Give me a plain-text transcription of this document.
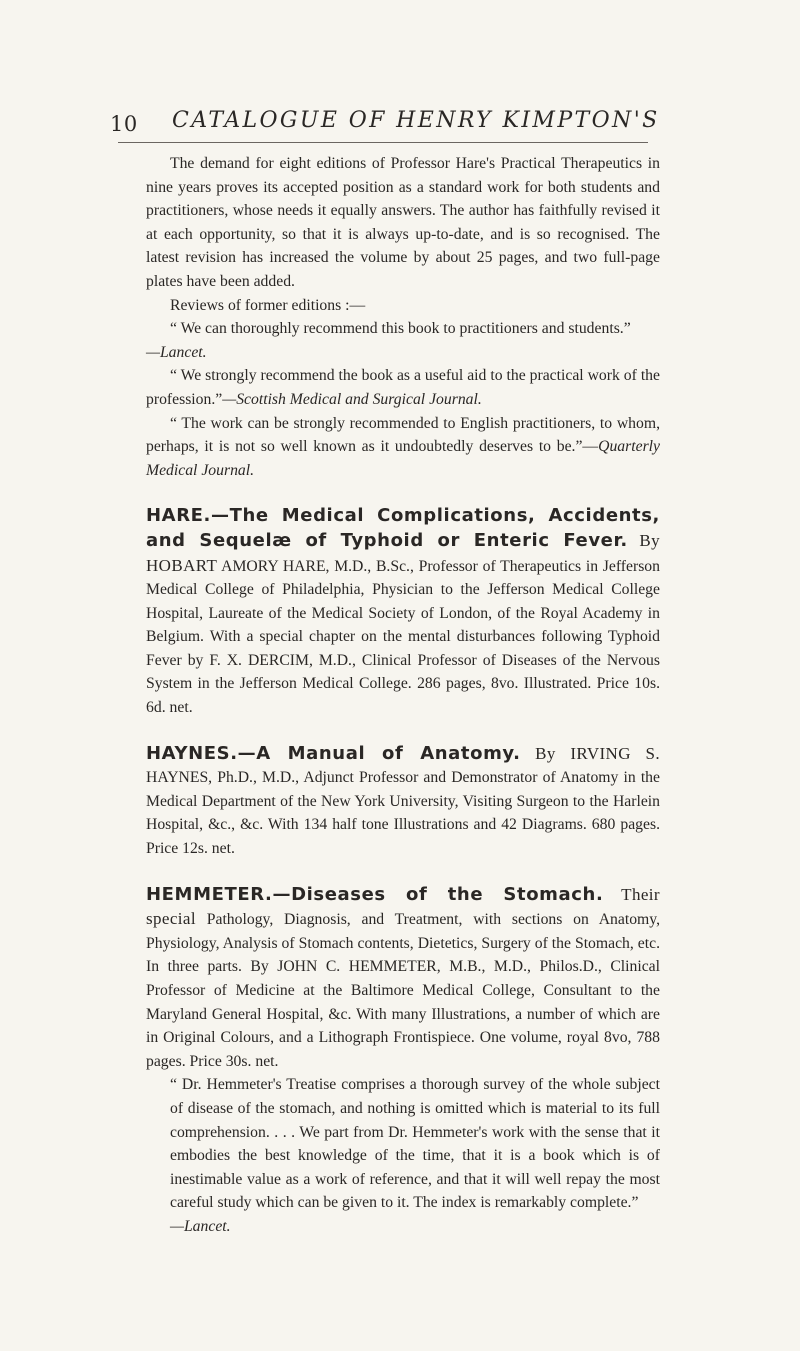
10 CATALOGUE OF HENRY KIMPTON'S

The demand for eight editions of Professor Hare's Practical Therapeutics in nine years proves its accepted position as a standard work for both students and practitioners, whose needs it equally answers. The author has faithfully revised it at each opportunity, so that it is always up-to-date, and is so recognised. The latest revision has increased the volume by about 25 pages, and two full-page plates have been added.

Reviews of former editions :—

“ We can thoroughly recommend this book to practitioners and students.”
—Lancet.

“ We strongly recommend the book as a useful aid to the practical work of the profession.”—Scottish Medical and Surgical Journal.

“ The work can be strongly recommended to English practitioners, to whom, perhaps, it is not so well known as it undoubtedly deserves to be.”—Quarterly Medical Journal.

HARE.—The Medical Complications, Accidents, and Sequelæ of Typhoid or Enteric Fever. By HOBART AMORY HARE, M.D., B.Sc., Professor of Therapeutics in Jefferson Medical College of Philadelphia, Physician to the Jefferson Medical College Hospital, Laureate of the Medical Society of London, of the Royal Academy in Belgium. With a special chapter on the mental disturbances following Typhoid Fever by F. X. DERCIM, M.D., Clinical Professor of Diseases of the Nervous System in the Jefferson Medical College. 286 pages, 8vo. Illustrated. Price 10s. 6d. net.

HAYNES.—A Manual of Anatomy. By IRVING S. HAYNES, Ph.D., M.D., Adjunct Professor and Demonstrator of Anatomy in the Medical Department of the New York University, Visiting Surgeon to the Harlein Hospital, &c., &c. With 134 half tone Illustrations and 42 Diagrams. 680 pages. Price 12s. net.

HEMMETER.—Diseases of the Stomach. Their special Pathology, Diagnosis, and Treatment, with sections on Anatomy, Physiology, Analysis of Stomach contents, Dietetics, Surgery of the Stomach, etc. In three parts. By JOHN C. HEMMETER, M.B., M.D., Philos.D., Clinical Professor of Medicine at the Baltimore Medical College, Consultant to the Maryland General Hospital, &c. With many Illustrations, a number of which are in Original Colours, and a Lithograph Frontispiece. One volume, royal 8vo, 788 pages. Price 30s. net.

“ Dr. Hemmeter's Treatise comprises a thorough survey of the whole subject of disease of the stomach, and nothing is omitted which is material to its full comprehension. . . . We part from Dr. Hemmeter's work with the sense that it embodies the best knowledge of the time, that it is a book which is of inestimable value as a work of reference, and that it will well repay the most careful study which can be given to it. The index is remarkably complete.”
—Lancet.
